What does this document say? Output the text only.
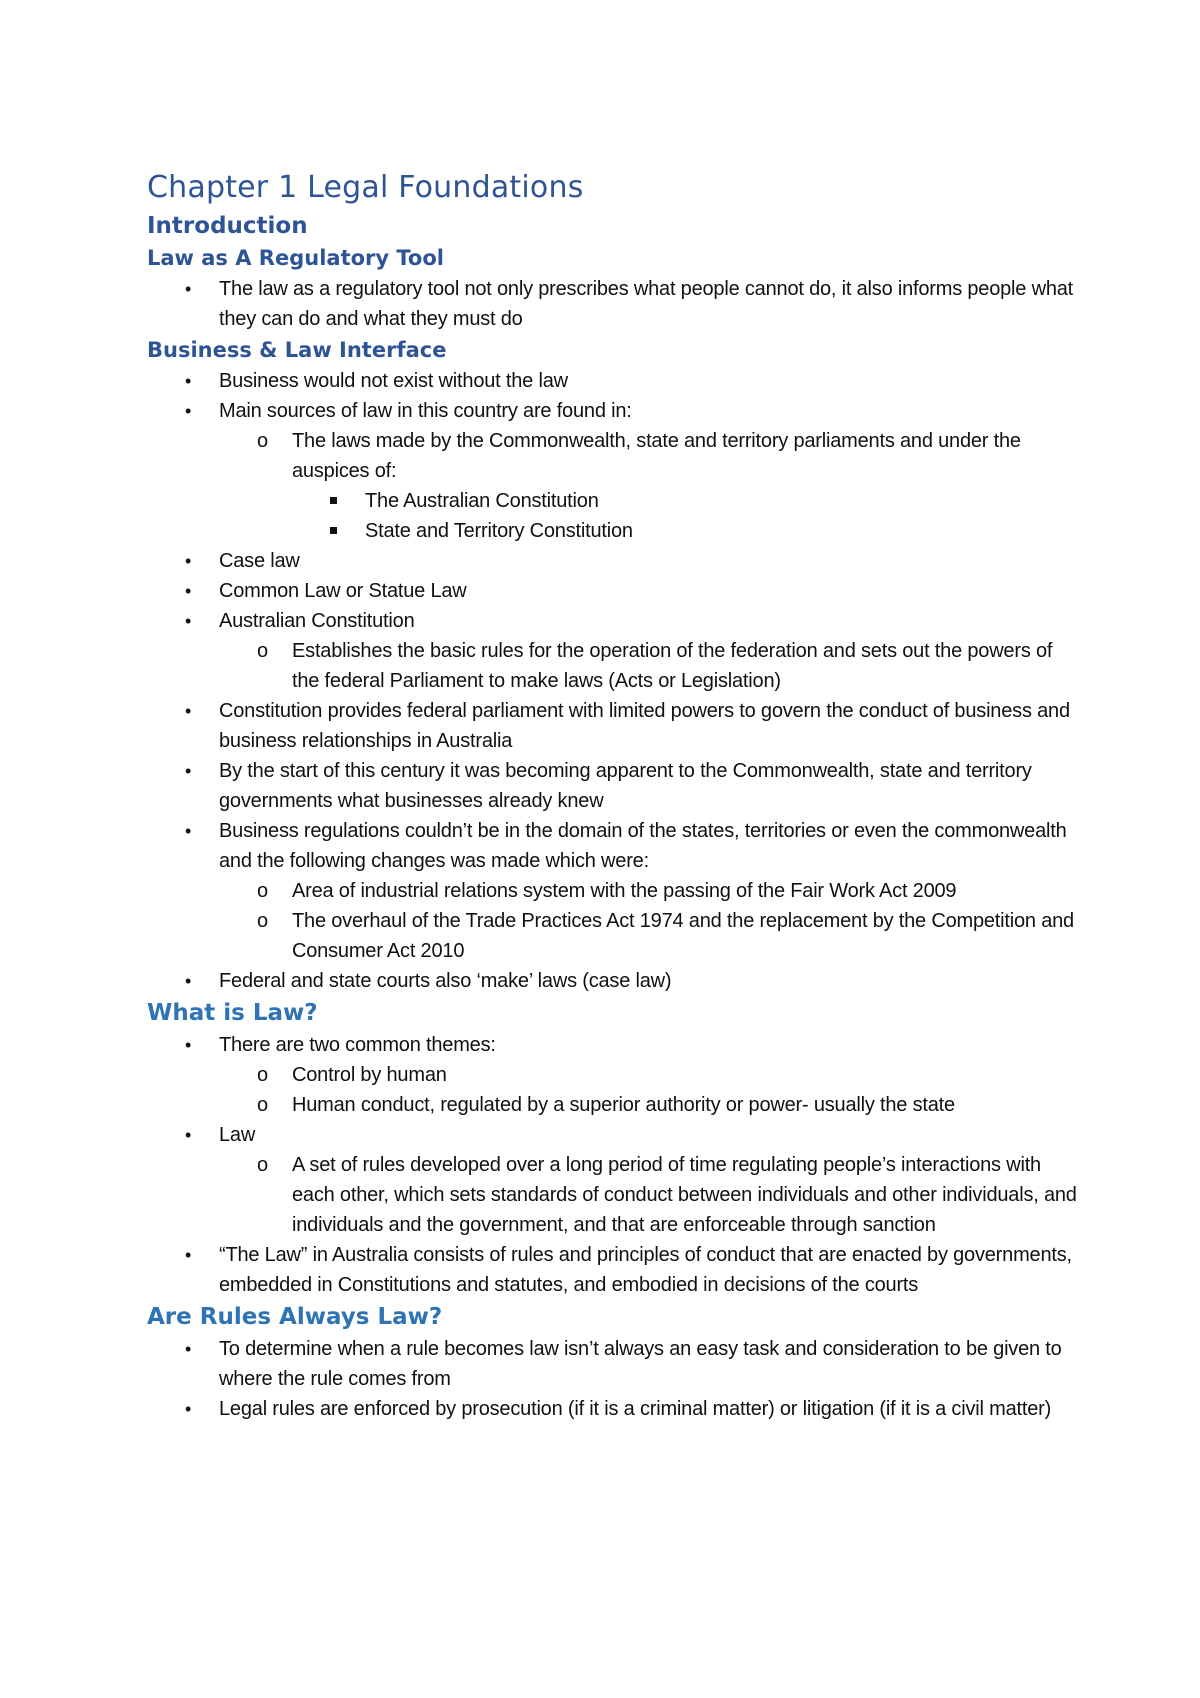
Chapter 1 Legal Foundations
Introduction
Law as A Regulatory Tool
• The law as a regulatory tool not only prescribes what people cannot do, it also informs people what they can do and what they must do
Business & Law Interface
• Business would not exist without the law
• Main sources of law in this country are found in:
o The laws made by the Commonwealth, state and territory parliaments and under the auspices of:
The Australian Constitution
State and Territory Constitution
• Case law
• Common Law or Statue Law
• Australian Constitution
o Establishes the basic rules for the operation of the federation and sets out the powers of the federal Parliament to make laws (Acts or Legislation)
• Constitution provides federal parliament with limited powers to govern the conduct of business and business relationships in Australia
• By the start of this century it was becoming apparent to the Commonwealth, state and territory governments what businesses already knew
• Business regulations couldn’t be in the domain of the states, territories or even the commonwealth and the following changes was made which were:
o Area of industrial relations system with the passing of the Fair Work Act 2009
o The overhaul of the Trade Practices Act 1974 and the replacement by the Competition and Consumer Act 2010
• Federal and state courts also ‘make’ laws (case law)
What is Law?
• There are two common themes:
o Control by human
o Human conduct, regulated by a superior authority or power- usually the state
• Law
o A set of rules developed over a long period of time regulating people’s interactions with each other, which sets standards of conduct between individuals and other individuals, and individuals and the government, and that are enforceable through sanction
• “The Law” in Australia consists of rules and principles of conduct that are enacted by governments, embedded in Constitutions and statutes, and embodied in decisions of the courts
Are Rules Always Law?
• To determine when a rule becomes law isn’t always an easy task and consideration to be given to where the rule comes from
• Legal rules are enforced by prosecution (if it is a criminal matter) or litigation (if it is a civil matter)
